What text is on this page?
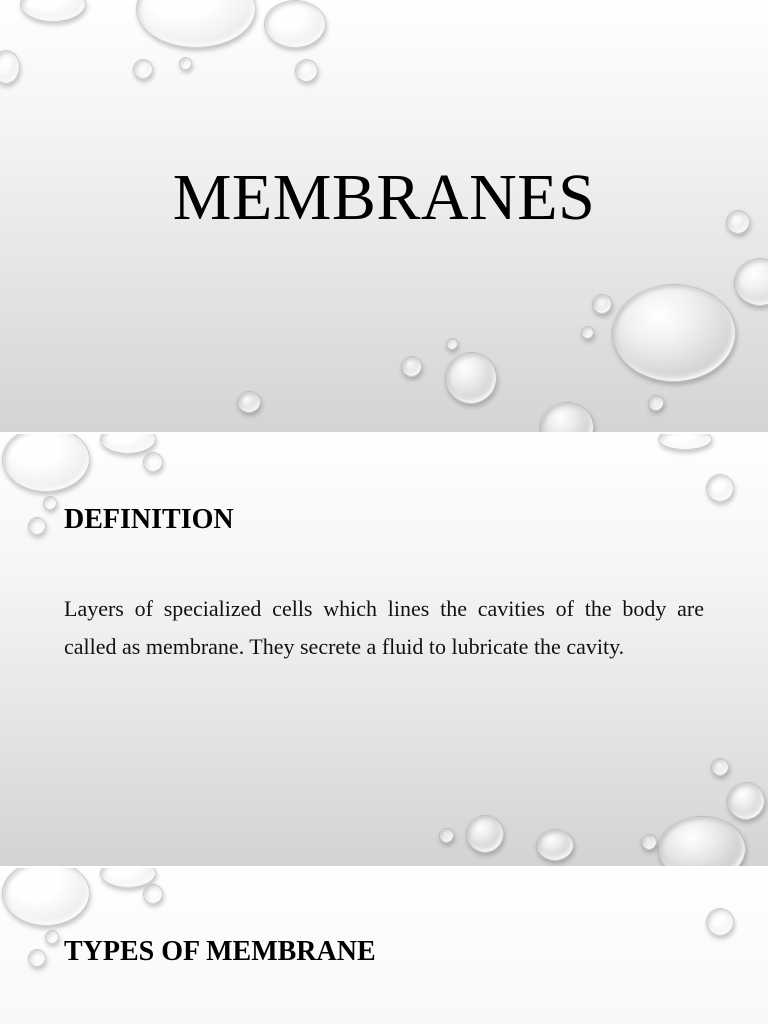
MEMBRANES
DEFINITION

Layers of specialized cells which lines the cavities of the body are called as membrane. They secrete a fluid to lubricate the cavity.

TYPES OF MEMBRANE
